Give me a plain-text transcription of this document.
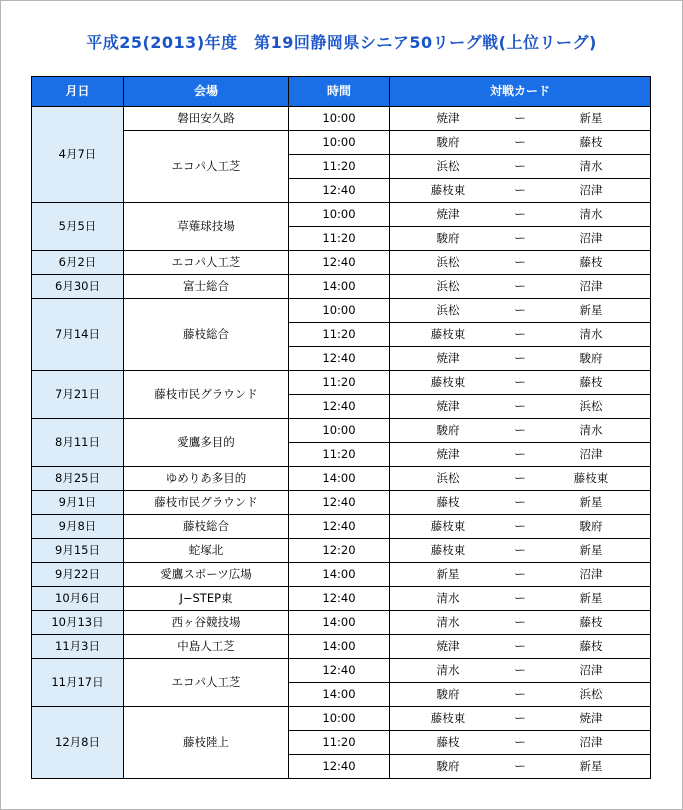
平成25(2013)年度　第19回静岡県シニア50リーグ戦(上位リーグ)
月日	会場	時間	対戦カード
4月7日	磐田安久路	10:00	焼津 ー 新星

	エコパ人工芝	10:00	駿府 ー 藤枝

		11:20	浜松 ー 清水

		12:40	藤枝東 ー 沼津

5月5日	草薙球技場	10:00	焼津 ー 清水

		11:20	駿府 ー 沼津

6月2日	エコパ人工芝	12:40	浜松 ー 藤枝

6月30日	富士総合	14:00	浜松 ー 沼津

7月14日	藤枝総合	10:00	浜松 ー 新星

		11:20	藤枝東 ー 清水

		12:40	焼津 ー 駿府

7月21日	藤枝市民グラウンド	11:20	藤枝東 ー 藤枝

		12:40	焼津 ー 浜松

8月11日	愛鷹多目的	10:00	駿府 ー 清水

		11:20	焼津 ー 沼津

8月25日	ゆめりあ多目的	14:00	浜松 ー 藤枝東

9月1日	藤枝市民グラウンド	12:40	藤枝 ー 新星

9月8日	藤枝総合	12:40	藤枝東 ー 駿府

9月15日	蛇塚北	12:20	藤枝東 ー 新星

9月22日	愛鷹スポーツ広場	14:00	新星 ー 沼津

10月6日	J−STEP東	12:40	清水 ー 新星

10月13日	西ヶ谷競技場	14:00	清水 ー 藤枝

11月3日	中島人工芝	14:00	焼津 ー 藤枝

11月17日	エコパ人工芝	12:40	清水 ー 沼津

		14:00	駿府 ー 浜松

12月8日	藤枝陸上	10:00	藤枝東 ー 焼津

		11:20	藤枝 ー 沼津

		12:40	駿府 ー 新星
